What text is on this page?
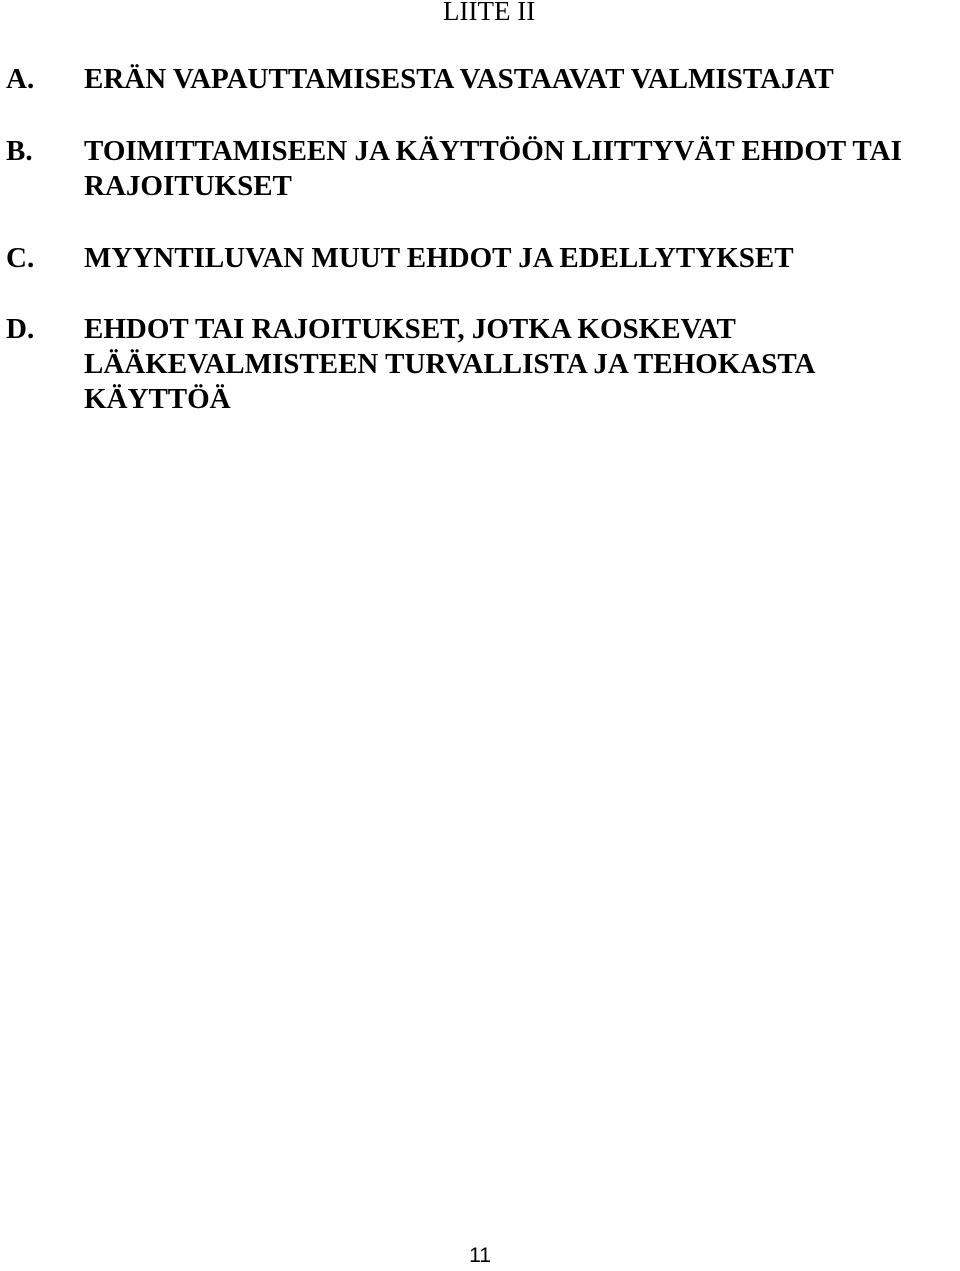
LIITE II
A. ERÄN VAPAUTTAMISESTA VASTAAVAT VALMISTAJAT
B. TOIMITTAMISEEN JA KÄYTTÖÖN LIITTYVÄT EHDOT TAI
RAJOITUKSET
C. MYYNTILUVAN MUUT EHDOT JA EDELLYTYKSET
D. EHDOT TAI RAJOITUKSET, JOTKA KOSKEVAT
LÄÄKEVALMISTEEN TURVALLISTA JA TEHOKASTA
KÄYTTÖÄ
11
